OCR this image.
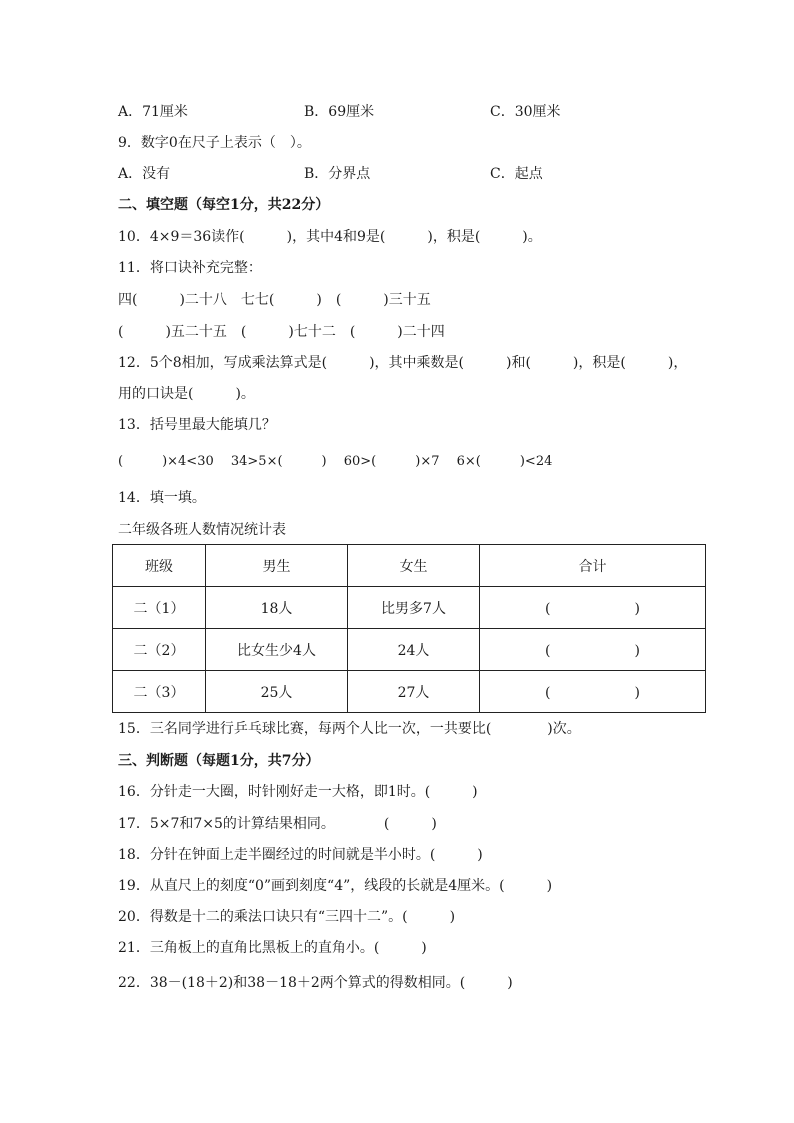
A．71厘米	B．69厘米	C．30厘米
9．数字0在尺子上表示（　）。
A．没有	B．分界点	C．起点
二、填空题（每空1分，共22分）
10．4×9＝36读作(　　　)，其中4和9是(　　　)，积是(　　　)。
11．将口诀补充完整：
四(　　　)二十八　七七(　　　)　(　　　)三十五
(　　　)五二十五　(　　　)七十二　(　　　)二十四
12．5个8相加，写成乘法算式是(　　　)，其中乘数是(　　　)和(　　　)，积是(　　　)，
用的口诀是(　　　)。
13．括号里最大能填几？
(　　　)×4<30　 34>5×(　　　)　 60>(　　　)×7　 6×(　　　)<24
14．填一填。
二年级各班人数情况统计表
班级	男生	女生	合计
二（1）	18人	比男多7人	(　　　　　　)
二（2）	比女生少4人	24人	(　　　　　　)
二（3）	25人	27人	(　　　　　　)
15．三名同学进行乒乓球比赛，每两个人比一次，一共要比(　　　　)次。
三、判断题（每题1分，共7分）
16．分针走一大圈，时针刚好走一大格，即1时。(　　　)
17．5×7和7×5的计算结果相同。　　　　(　　　)
18．分针在钟面上走半圈经过的时间就是半小时。(　　　)
19．从直尺上的刻度“0”画到刻度“4”，线段的长就是4厘米。(　　　)
20．得数是十二的乘法口诀只有“三四十二”。(　　　)
21．三角板上的直角比黑板上的直角小。(　　　)
22．38－(18＋2)和38－18＋2两个算式的得数相同。(　　　)
